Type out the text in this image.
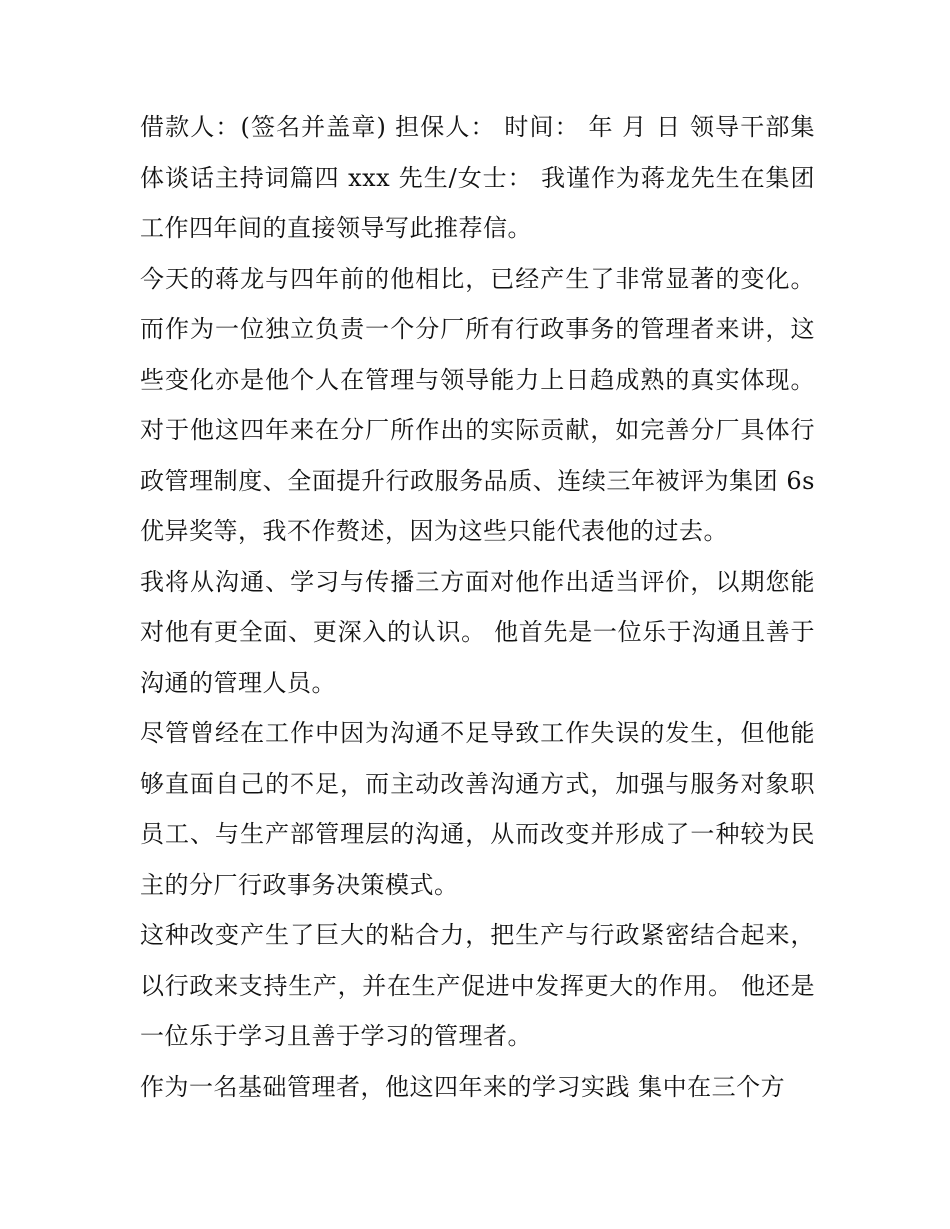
借款人：(签名并盖章) 担保人： 时间： 年 月 日 领导干部集体谈话主持词篇四 xxx 先生/女士： 我谨作为蒋龙先生在集团工作四年间的直接领导写此推荐信。

今天的蒋龙与四年前的他相比，已经产生了非常显著的变化。而作为一位独立负责一个分厂所有行政事务的管理者来讲，这些变化亦是他个人在管理与领导能力上日趋成熟的真实体现。对于他这四年来在分厂所作出的实际贡献，如完善分厂具体行政管理制度、全面提升行政服务品质、连续三年被评为集团 6s 优异奖等，我不作赘述，因为这些只能代表他的过去。

我将从沟通、学习与传播三方面对他作出适当评价，以期您能对他有更全面、更深入的认识。 他首先是一位乐于沟通且善于沟通的管理人员。

尽管曾经在工作中因为沟通不足导致工作失误的发生，但他能够直面自己的不足，而主动改善沟通方式，加强与服务对象职员工、与生产部管理层的沟通，从而改变并形成了一种较为民主的分厂行政事务决策模式。

这种改变产生了巨大的粘合力，把生产与行政紧密结合起来，以行政来支持生产，并在生产促进中发挥更大的作用。 他还是一位乐于学习且善于学习的管理者。

作为一名基础管理者，他这四年来的学习实践 集中在三个方
